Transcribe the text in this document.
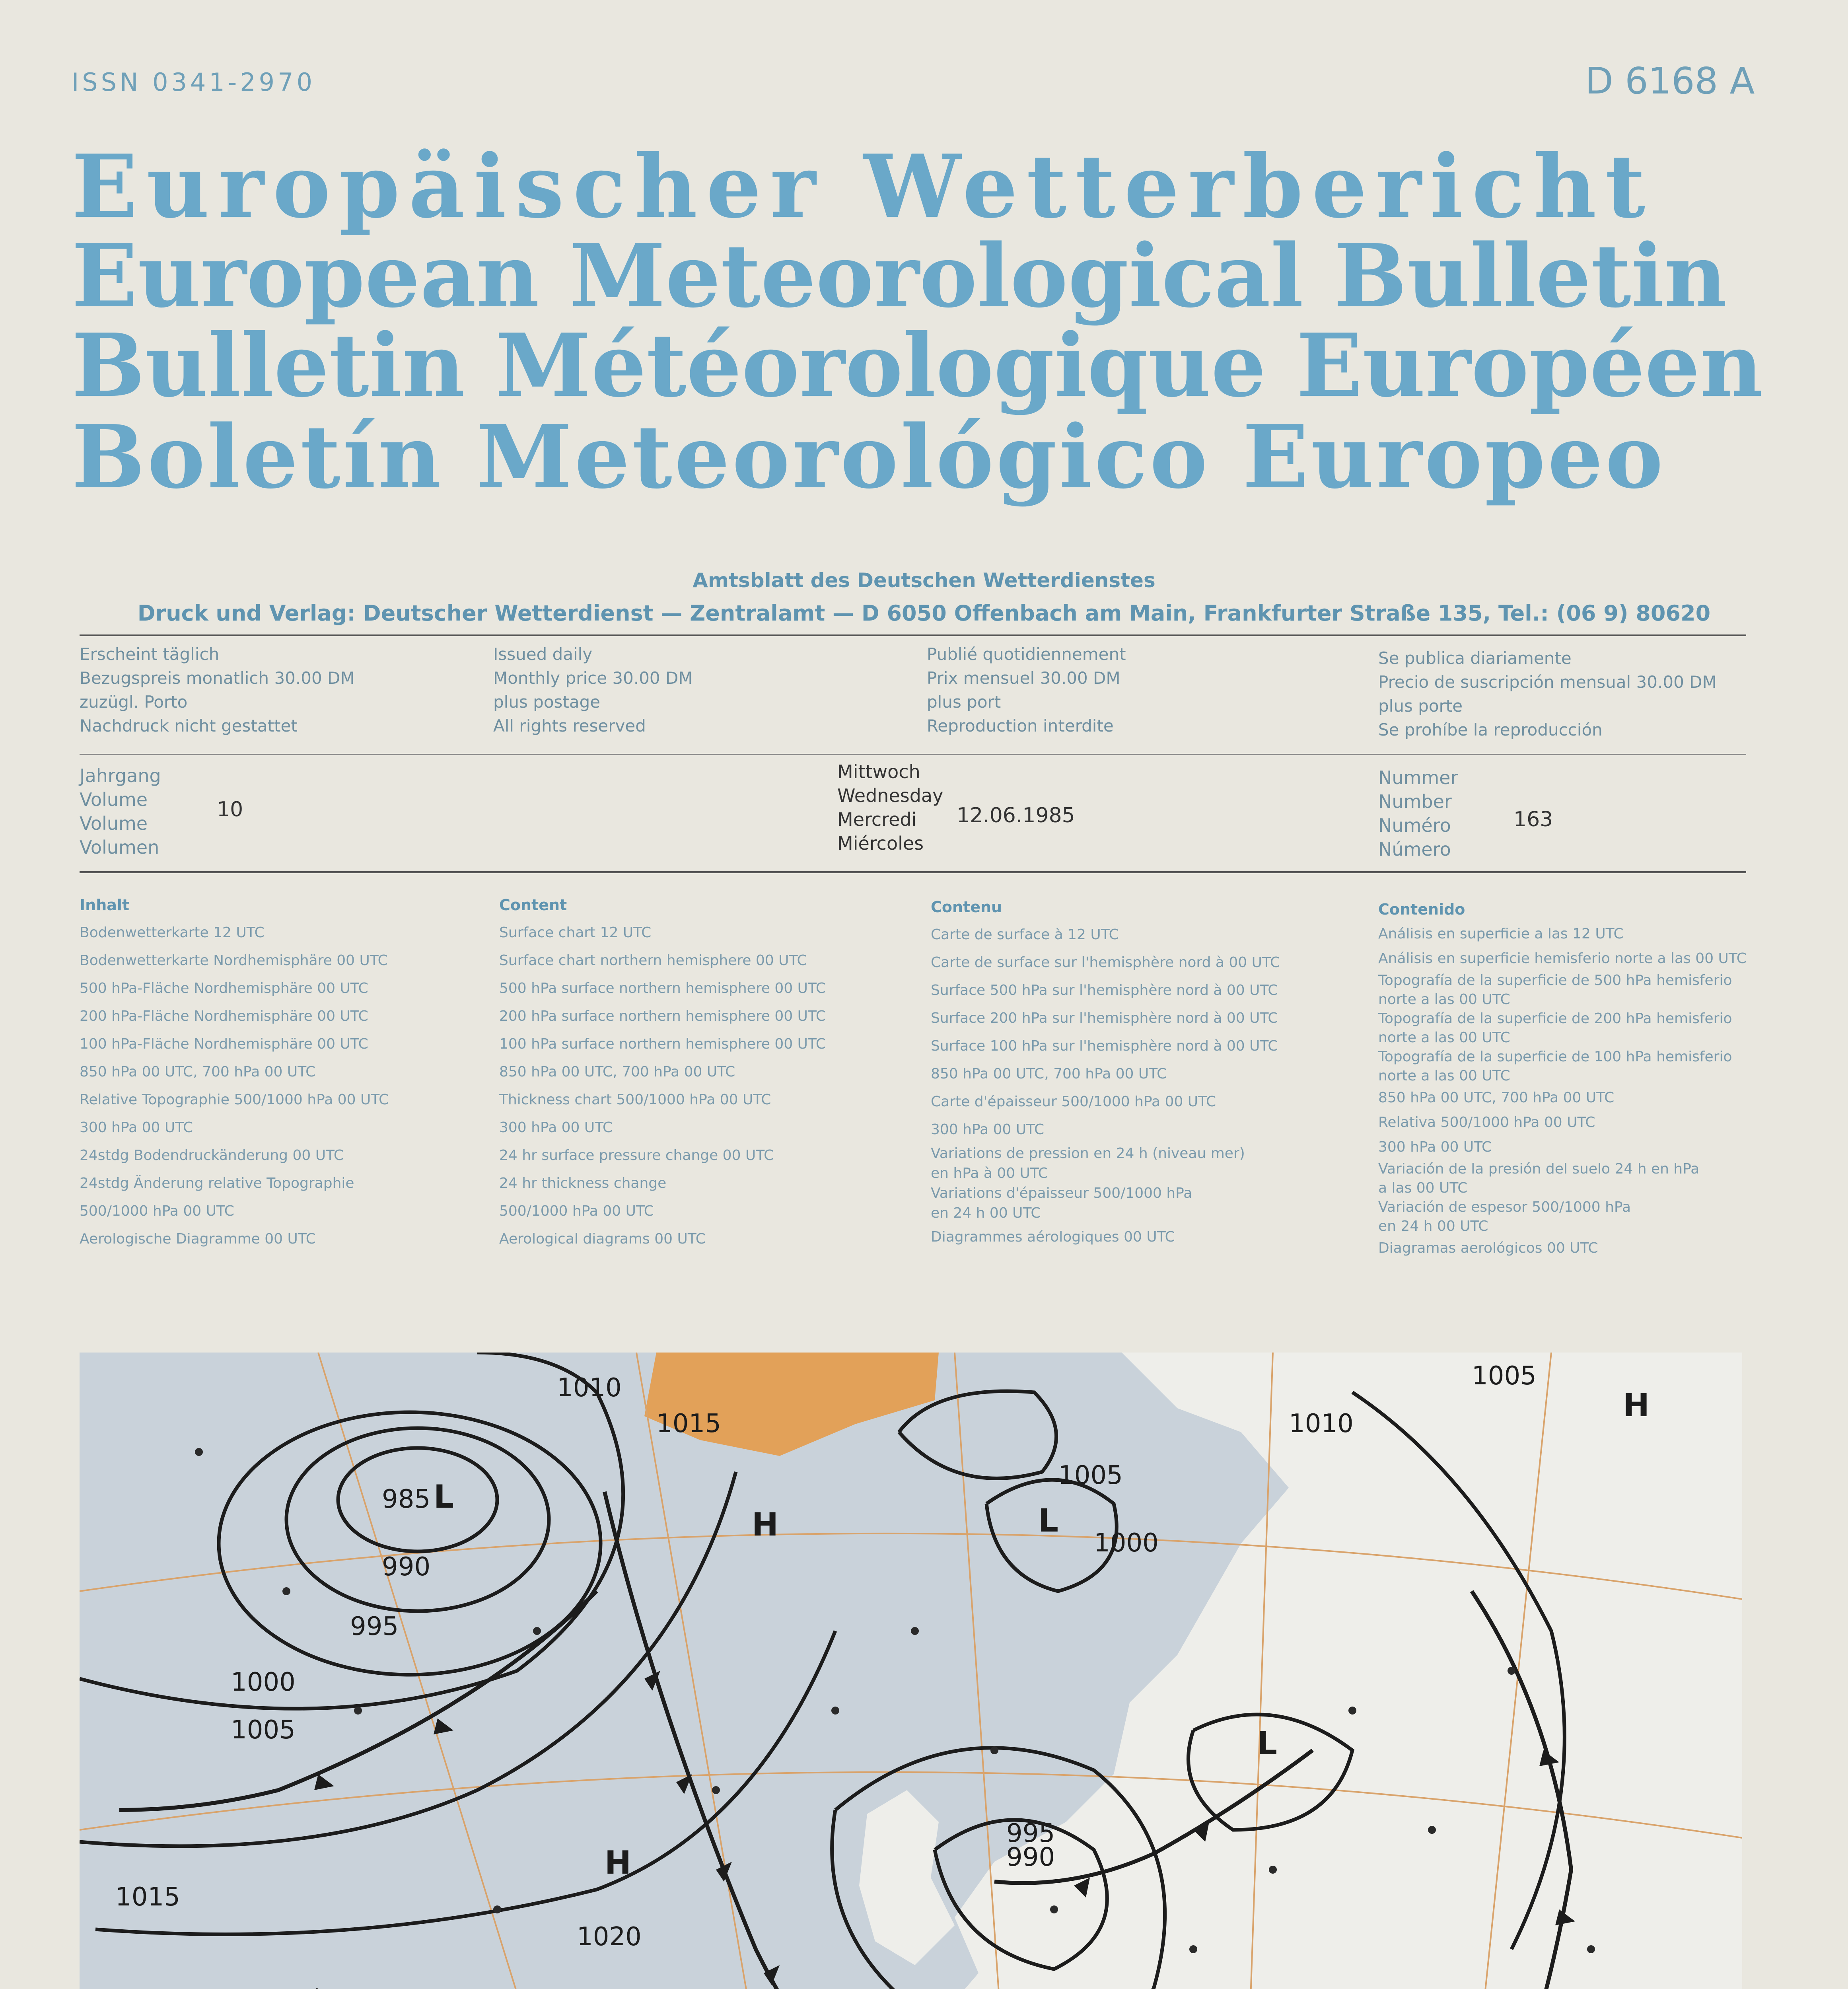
ISSN 0341-2970	D 6168 A
Europäischer Wetterbericht
European Meteorological Bulletin
Bulletin Météorologique Européen
Boletín Meteorológico Europeo
Amtsblatt des Deutschen Wetterdienstes
Druck und Verlag: Deutscher Wetterdienst — Zentralamt — D 6050 Offenbach am Main, Frankfurter Straße 135, Tel.: (06 9) 80620
Erscheint täglich
Bezugspreis monatlich 30.00 DM
zuzügl. Porto
Nachdruck nicht gestattet
Issued daily
Monthly price 30.00 DM
plus postage
All rights reserved
Publié quotidiennement
Prix mensuel 30.00 DM
plus port
Reproduction interdite
Se publica diariamente
Precio de suscripción mensual 30.00 DM
plus porte
Se prohíbe la reproducción
Jahrgang
Volume
Volume
Volumen
10
Mittwoch
Wednesday
Mercredi
Miércoles
12.06.1985
Nummer
Number
Numéro
Número
163
Inhalt
Bodenwetterkarte 12 UTC
Bodenwetterkarte Nordhemisphäre 00 UTC
500 hPa-Fläche Nordhemisphäre 00 UTC
200 hPa-Fläche Nordhemisphäre 00 UTC
100 hPa-Fläche Nordhemisphäre 00 UTC
850 hPa 00 UTC, 700 hPa 00 UTC
Relative Topographie 500/1000 hPa 00 UTC
300 hPa 00 UTC
24stdg Bodendruckänderung 00 UTC
24stdg Änderung relative Topographie
500/1000 hPa 00 UTC
Aerologische Diagramme 00 UTC
Content
Surface chart 12 UTC
Surface chart northern hemisphere 00 UTC
500 hPa surface northern hemisphere 00 UTC
200 hPa surface northern hemisphere 00 UTC
100 hPa surface northern hemisphere 00 UTC
850 hPa 00 UTC, 700 hPa 00 UTC
Thickness chart 500/1000 hPa 00 UTC
300 hPa 00 UTC
24 hr surface pressure change 00 UTC
24 hr thickness change
500/1000 hPa 00 UTC
Aerological diagrams 00 UTC
Contenu
Carte de surface à 12 UTC
Carte de surface sur l'hemisphère nord à 00 UTC
Surface 500 hPa sur l'hemisphère nord à 00 UTC
Surface 200 hPa sur l'hemisphère nord à 00 UTC
Surface 100 hPa sur l'hemisphère nord à 00 UTC
850 hPa 00 UTC, 700 hPa 00 UTC
Carte d'épaisseur 500/1000 hPa 00 UTC
300 hPa 00 UTC
Variations de pression en 24 h (niveau mer)
en hPa à 00 UTC
Variations d'épaisseur 500/1000 hPa
en 24 h 00 UTC
Diagrammes aérologiques 00 UTC
Contenido
Análisis en superficie a las 12 UTC
Análisis en superficie hemisferio norte a las 00 UTC
Topografía de la superficie de 500 hPa hemisferio
norte a las 00 UTC
Topografía de la superficie de 200 hPa hemisferio
norte a las 00 UTC
Topografía de la superficie de 100 hPa hemisferio
norte a las 00 UTC
850 hPa 00 UTC, 700 hPa 00 UTC
Relativa 500/1000 hPa 00 UTC
300 hPa 00 UTC
Variación de la presión del suelo 24 h en hPa
a las 00 UTC
Variación de espesor 500/1000 hPa
en 24 h 00 UTC
Diagramas aerológicos 00 UTC
1010
1015
985
990
995
1000
1005
1015
1020
1005
1000
995
990
1010
1005
H
H
H
L
L
L
